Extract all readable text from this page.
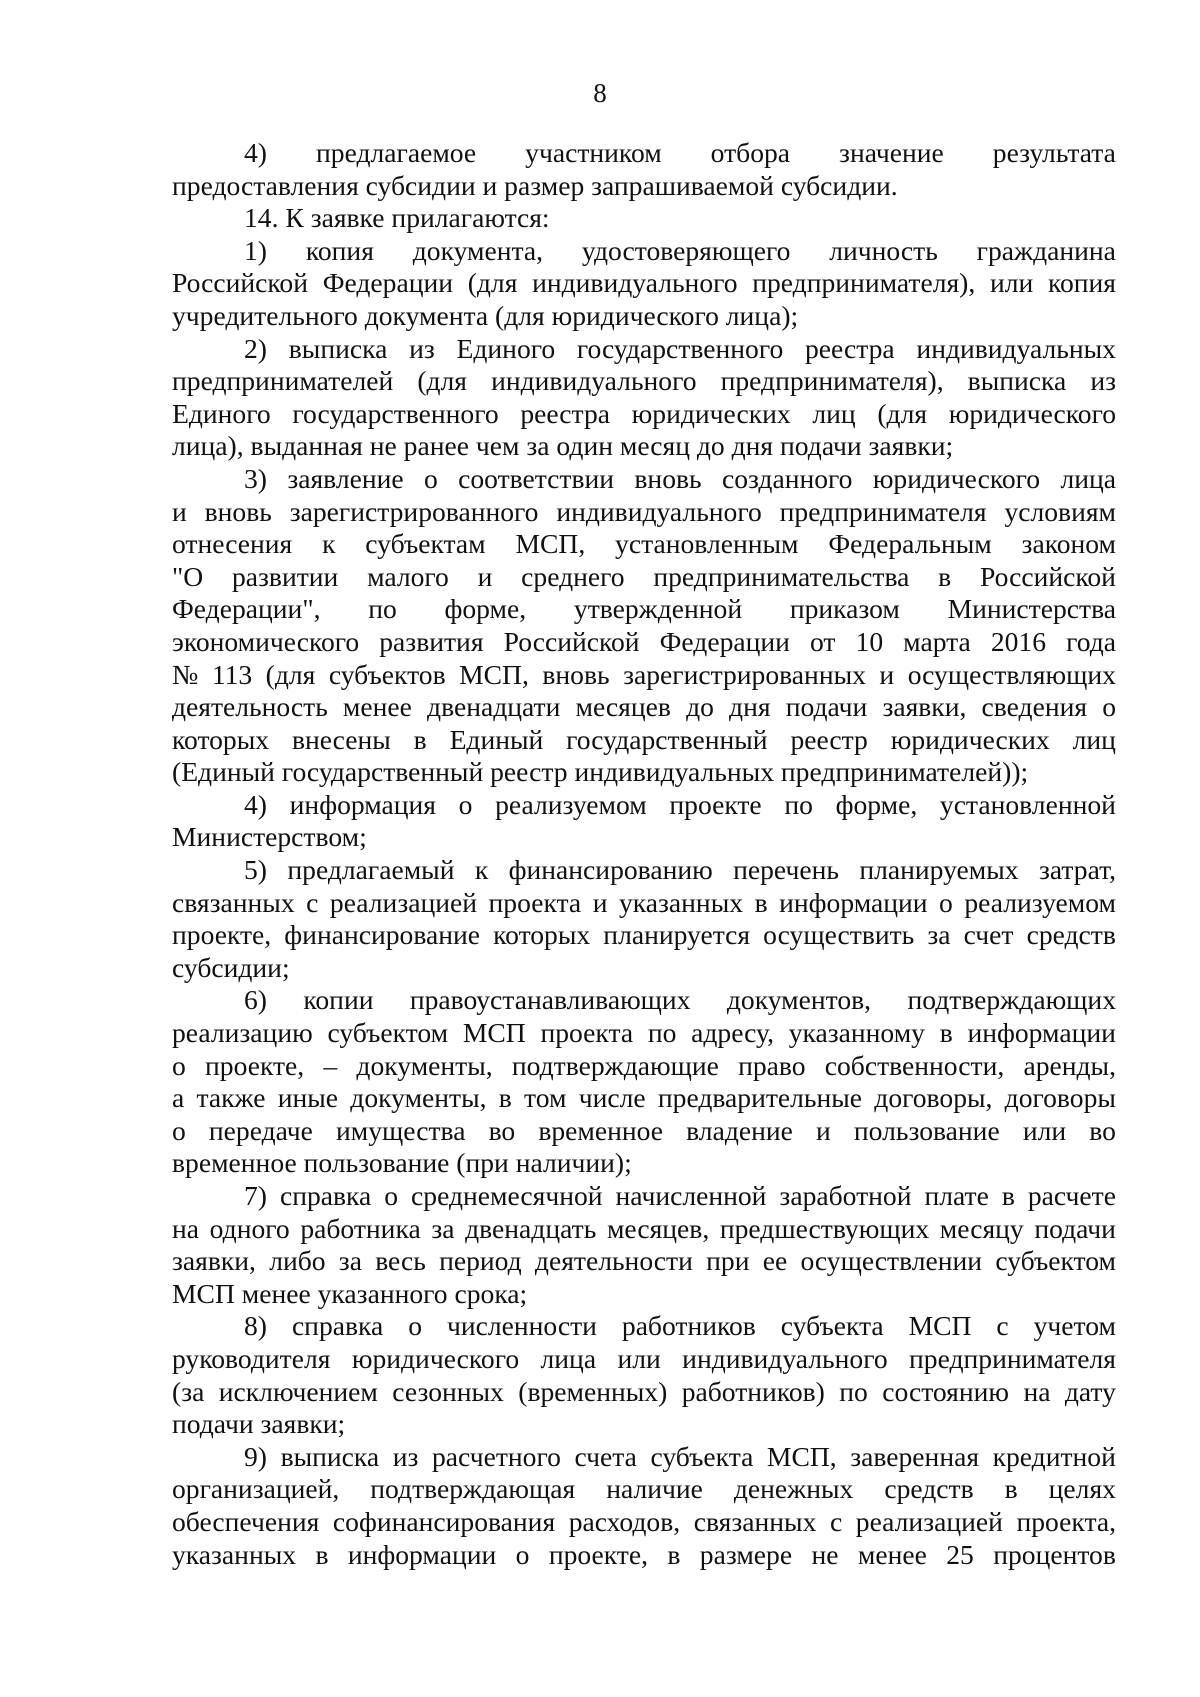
8
4) предлагаемое участником отбора значение результата
предоставления субсидии и размер запрашиваемой субсидии.
14. К заявке прилагаются:
1) копия документа, удостоверяющего личность гражданина
Российской Федерации (для индивидуального предпринимателя), или копия
учредительного документа (для юридического лица);
2) выписка из Единого государственного реестра индивидуальных
предпринимателей (для индивидуального предпринимателя), выписка из
Единого государственного реестра юридических лиц (для юридического
лица), выданная не ранее чем за один месяц до дня подачи заявки;
3) заявление о соответствии вновь созданного юридического лица
и вновь зарегистрированного индивидуального предпринимателя условиям
отнесения к субъектам МСП, установленным Федеральным законом
"О развитии малого и среднего предпринимательства в Российской
Федерации", по форме, утвержденной приказом Министерства
экономического развития Российской Федерации от 10 марта 2016 года
№ 113 (для субъектов МСП, вновь зарегистрированных и осуществляющих
деятельность менее двенадцати месяцев до дня подачи заявки, сведения о
которых внесены в Единый государственный реестр юридических лиц
(Единый государственный реестр индивидуальных предпринимателей));
4) информация о реализуемом проекте по форме, установленной
Министерством;
5) предлагаемый к финансированию перечень планируемых затрат,
связанных с реализацией проекта и указанных в информации о реализуемом
проекте, финансирование которых планируется осуществить за счет средств
субсидии;
6) копии правоустанавливающих документов, подтверждающих
реализацию субъектом МСП проекта по адресу, указанному в информации
о проекте, – документы, подтверждающие право собственности, аренды,
а также иные документы, в том числе предварительные договоры, договоры
о передаче имущества во временное владение и пользование или во
временное пользование (при наличии);
7) справка о среднемесячной начисленной заработной плате в расчете
на одного работника за двенадцать месяцев, предшествующих месяцу подачи
заявки, либо за весь период деятельности при ее осуществлении субъектом
МСП менее указанного срока;
8) справка о численности работников субъекта МСП с учетом
руководителя юридического лица или индивидуального предпринимателя
(за исключением сезонных (временных) работников) по состоянию на дату
подачи заявки;
9) выписка из расчетного счета субъекта МСП, заверенная кредитной
организацией, подтверждающая наличие денежных средств в целях
обеспечения софинансирования расходов, связанных с реализацией проекта,
указанных в информации о проекте, в размере не менее 25 процентов
